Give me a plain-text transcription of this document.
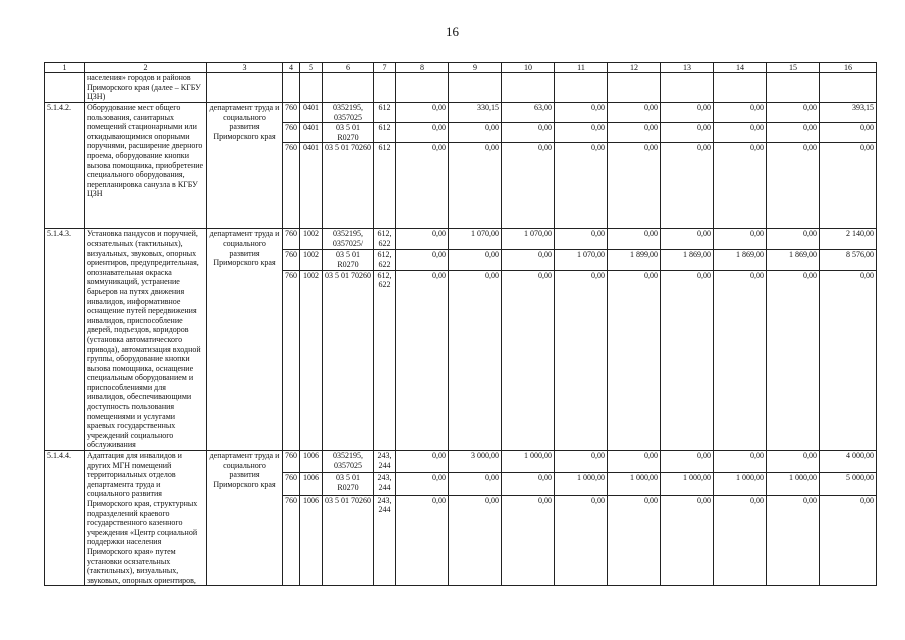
16
1	2	3	4	5	6	7	8	9	10	11	12	13	14	15	16
	населения» городов и районов Приморского края (далее – КГБУ ЦЗН)														
5.1.4.2.	Оборудование мест общего пользования, санитарных помещений стационарными или откидывающимися опорными поручнями, расширение дверного проема, оборудование кнопки вызова помощника, приобретение специального оборудования, перепланировка санузла в КГБУ ЦЗН	департамент труда и социального развития Приморского края	760	0401	0352195, 0357025	612	0,00	330,15	63,00	0,00	0,00	0,00	0,00	0,00	393,15
			760	0401	03 5 01 R0270	612	0,00	0,00	0,00	0,00	0,00	0,00	0,00	0,00	0,00
			760	0401	03 5 01 70260	612	0,00	0,00	0,00	0,00	0,00	0,00	0,00	0,00	0,00
5.1.4.3.	Установка пандусов и поручней, осязательных (тактильных), визуальных, звуковых, опорных ориентиров, предупредительная, опознавательная окраска коммуникаций, устранение барьеров на путях движения инвалидов, информативное оснащение путей передвижения инвалидов, приспособление дверей, подъездов, коридоров (установка автоматического привода), автоматизация входной группы, оборудование кнопки вызова помощника, оснащение специальным оборудованием и приспособлениями для инвалидов, обеспечивающими доступность пользования помещениями и услугами краевых государственных учреждений социального обслуживания	департамент труда и социального развития Приморского края	760	1002	0352195, 0357025/	612, 622	0,00	1 070,00	1 070,00	0,00	0,00	0,00	0,00	0,00	2 140,00
			760	1002	03 5 01 R0270	612, 622	0,00	0,00	0,00	1 070,00	1 899,00	1 869,00	1 869,00	1 869,00	8 576,00
			760	1002	03 5 01 70260	612, 622	0,00	0,00	0,00	0,00	0,00	0,00	0,00	0,00	0,00
5.1.4.4.	Адаптация для инвалидов и других МГН помещений территориальных отделов департамента труда и социального развития Приморского края, структурных подразделений краевого государственного казенного учреждения «Центр социальной поддержки населения Приморского края» путем установки осязательных (тактильных), визуальных, звуковых, опорных ориентиров,	департамент труда и социального развития Приморского края	760	1006	0352195, 0357025	243, 244	0,00	3 000,00	1 000,00	0,00	0,00	0,00	0,00	0,00	4 000,00
			760	1006	03 5 01 R0270	243, 244	0,00	0,00	0,00	1 000,00	1 000,00	1 000,00	1 000,00	1 000,00	5 000,00
			760	1006	03 5 01 70260	243, 244	0,00	0,00	0,00	0,00	0,00	0,00	0,00	0,00	0,00
